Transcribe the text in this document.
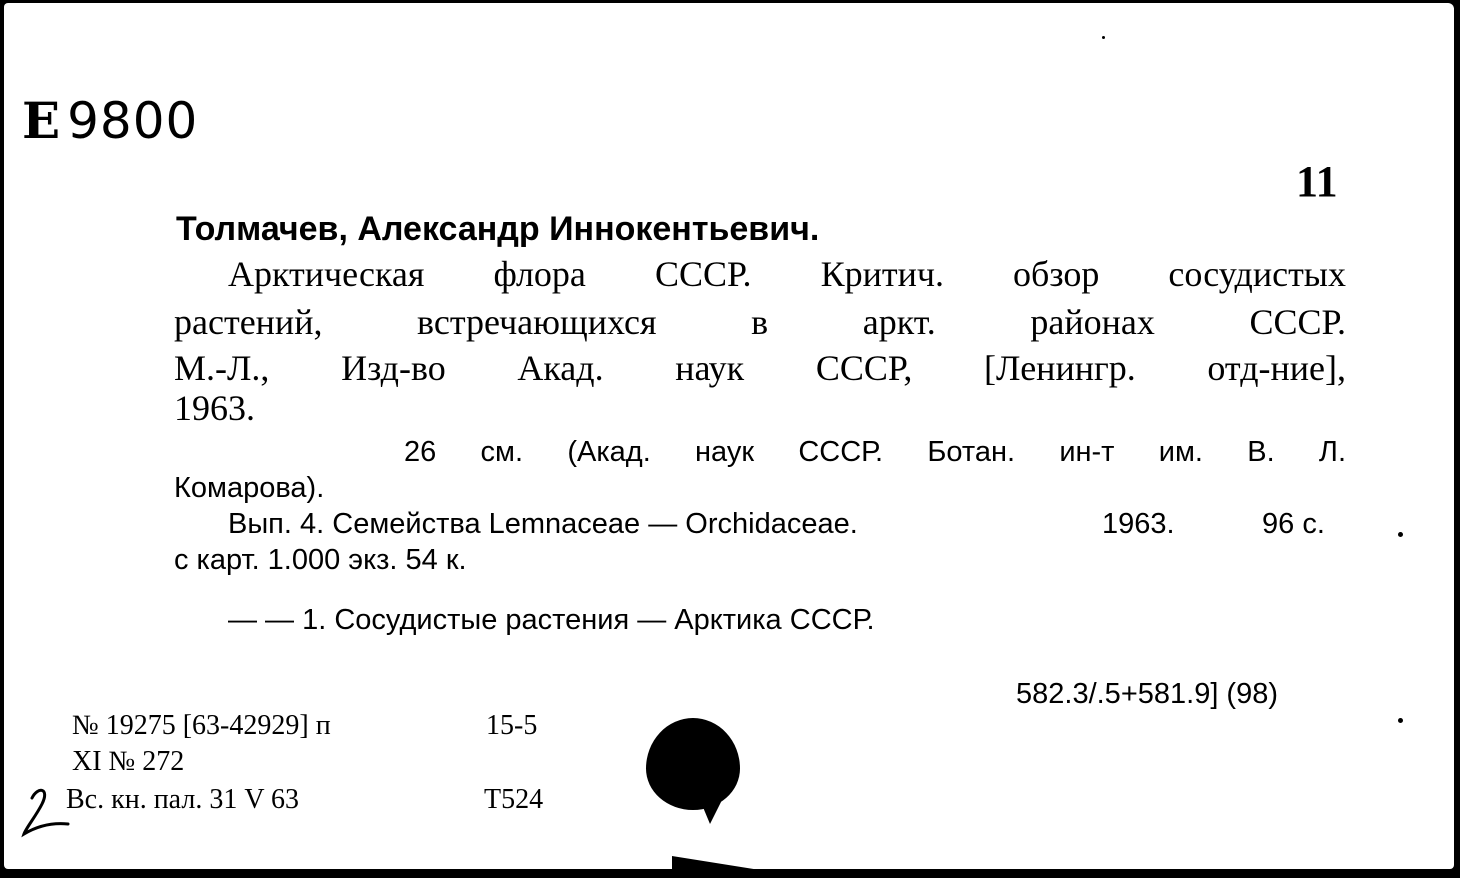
E 9800
11
Толмачев, Александр Иннокентьевич.
Арктическая флора СССР. Критич. обзор сосудистых
растений, встречающихся в аркт. районах СССР.
М.-Л., Изд-во Акад. наук СССР, [Ленингр. отд-ние],
1963.
26 см. (Акад. наук СССР. Ботан. ин-т им. В. Л.
Комарова).
Вып. 4. Семейства Lemnaceae — Orchidaceae.	1963.	96 с.
с карт. 1.000 экз. 54 к.
— — 1. Сосудистые растения — Арктика СССР.
582.3/.5+581.9] (98)
№ 19275 [63-42929] п	15-5
XI № 272
Вс. кн. пал. 31 V 63	Т524
